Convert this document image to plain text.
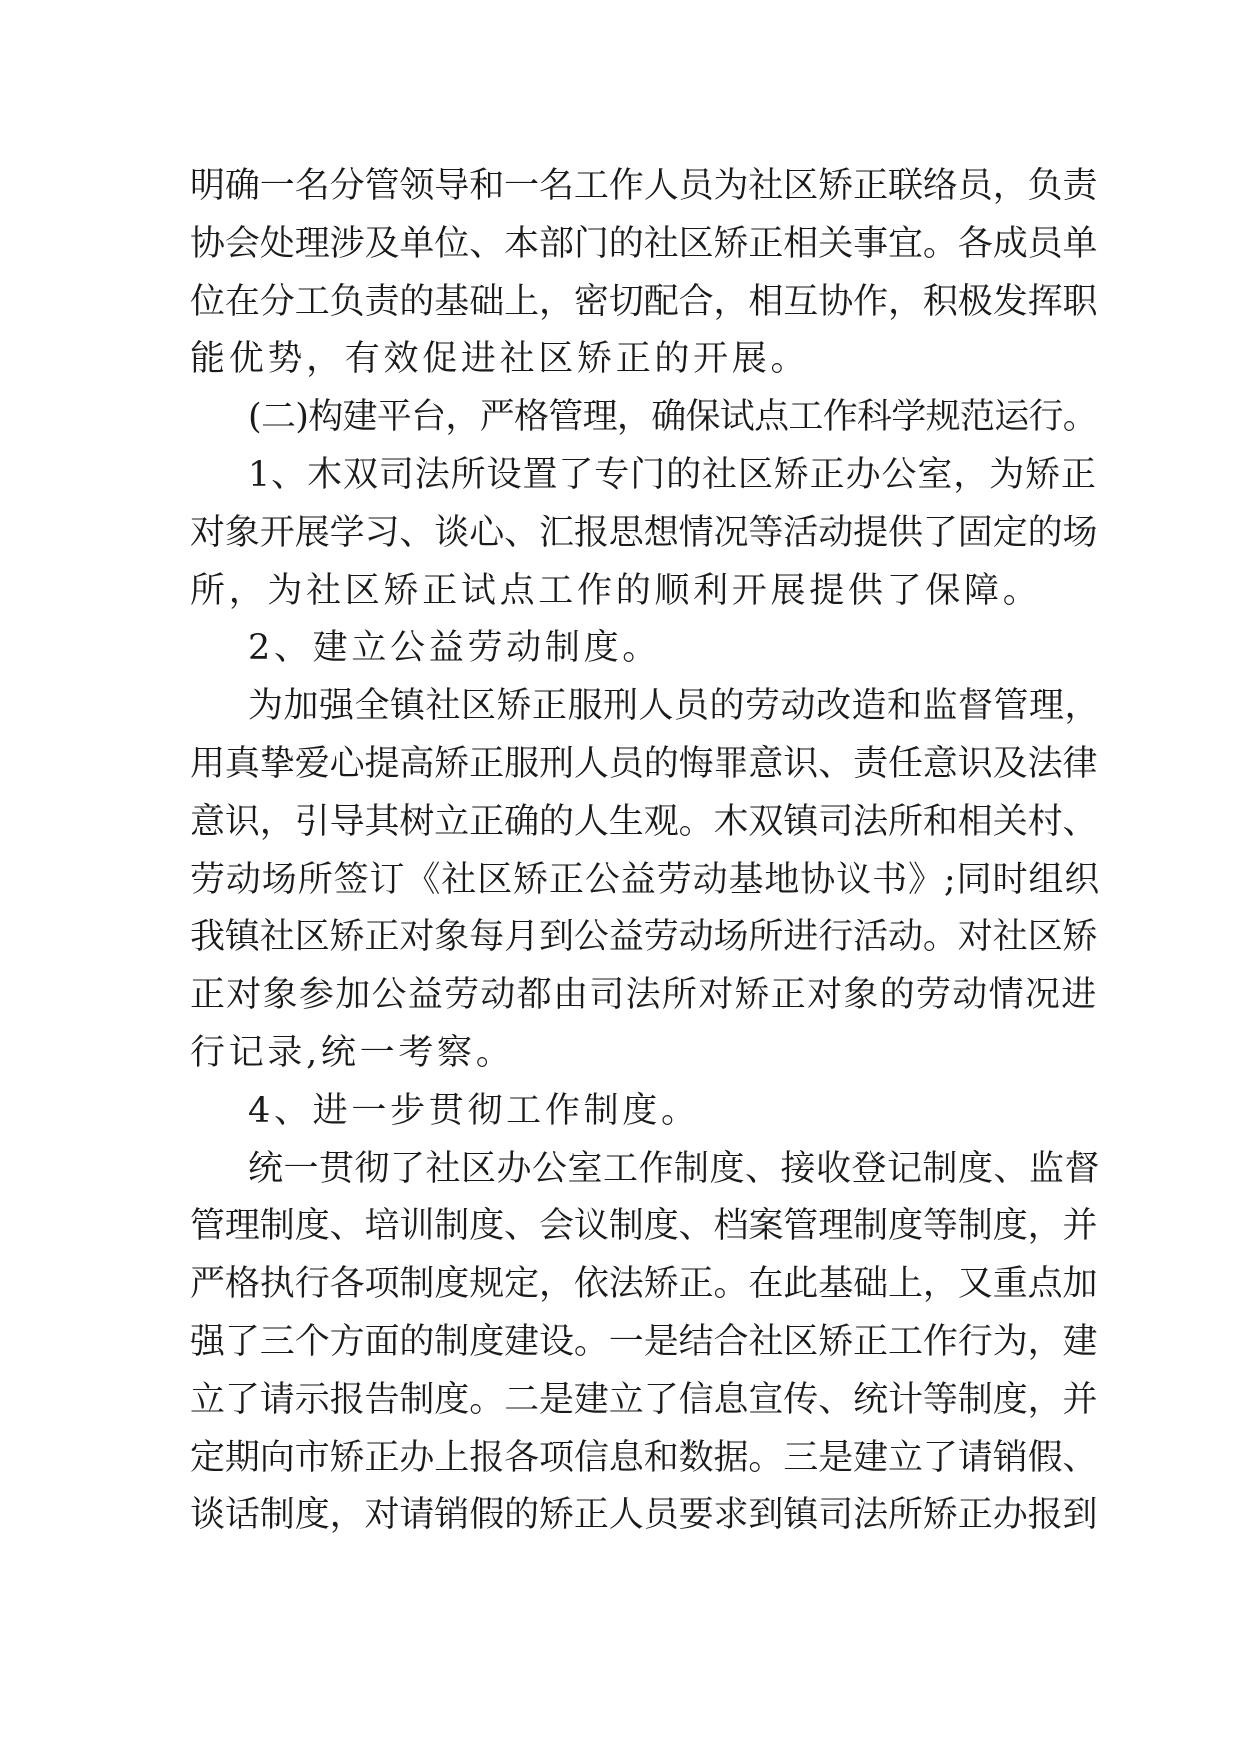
明确一名分管领导和一名工作人员为社区矫正联络员，负责
协会处理涉及单位、本部门的社区矫正相关事宜。各成员单
位在分工负责的基础上，密切配合，相互协作，积极发挥职
能优势，有效促进社区矫正的开展。
(二)构建平台，严格管理，确保试点工作科学规范运行。
1、木双司法所设置了专门的社区矫正办公室，为矫正
对象开展学习、谈心、汇报思想情况等活动提供了固定的场
所，为社区矫正试点工作的顺利开展提供了保障。
2、建立公益劳动制度。
为加强全镇社区矫正服刑人员的劳动改造和监督管理，
用真挚爱心提高矫正服刑人员的悔罪意识、责任意识及法律
意识，引导其树立正确的人生观。木双镇司法所和相关村、
劳动场所签订《社区矫正公益劳动基地协议书》;同时组织
我镇社区矫正对象每月到公益劳动场所进行活动。对社区矫
正对象参加公益劳动都由司法所对矫正对象的劳动情况进
行记录,统一考察。
4、进一步贯彻工作制度。
统一贯彻了社区办公室工作制度、接收登记制度、监督
管理制度、培训制度、会议制度、档案管理制度等制度，并
严格执行各项制度规定，依法矫正。在此基础上，又重点加
强了三个方面的制度建设。一是结合社区矫正工作行为，建
立了请示报告制度。二是建立了信息宣传、统计等制度，并
定期向市矫正办上报各项信息和数据。三是建立了请销假、
谈话制度，对请销假的矫正人员要求到镇司法所矫正办报到
